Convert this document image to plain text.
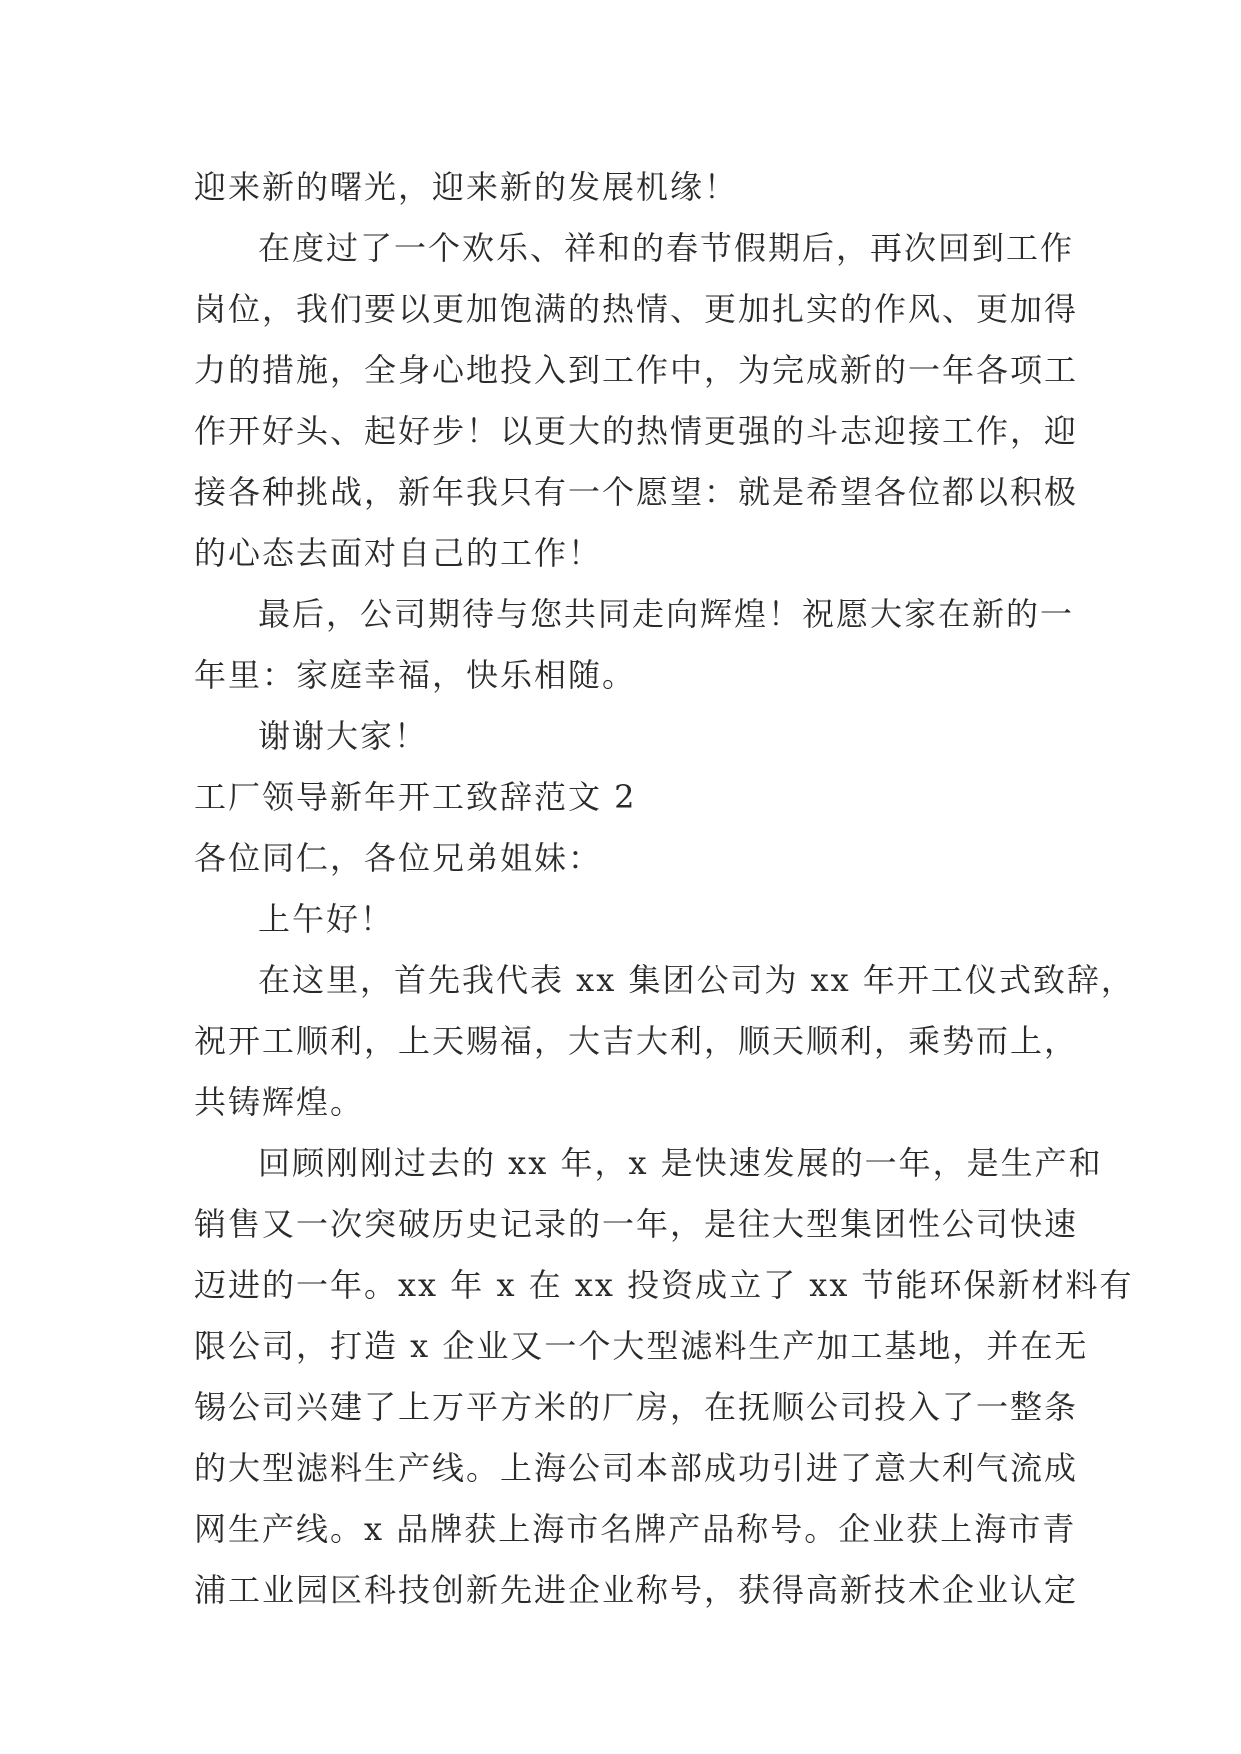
迎来新的曙光，迎来新的发展机缘！
在度过了一个欢乐、祥和的春节假期后，再次回到工作
岗位，我们要以更加饱满的热情、更加扎实的作风、更加得
力的措施，全身心地投入到工作中，为完成新的一年各项工
作开好头、起好步！以更大的热情更强的斗志迎接工作，迎
接各种挑战，新年我只有一个愿望：就是希望各位都以积极
的心态去面对自己的工作！
最后，公司期待与您共同走向辉煌！祝愿大家在新的一
年里：家庭幸福，快乐相随。
谢谢大家！
工厂领导新年开工致辞范文 2
各位同仁，各位兄弟姐妹：
上午好！
在这里，首先我代表 xx 集团公司为 xx 年开工仪式致辞，
祝开工顺利，上天赐福，大吉大利，顺天顺利，乘势而上，
共铸辉煌。
回顾刚刚过去的 xx 年，x 是快速发展的一年，是生产和
销售又一次突破历史记录的一年，是往大型集团性公司快速
迈进的一年。xx 年 x 在 xx 投资成立了 xx 节能环保新材料有
限公司，打造 x 企业又一个大型滤料生产加工基地，并在无
锡公司兴建了上万平方米的厂房，在抚顺公司投入了一整条
的大型滤料生产线。上海公司本部成功引进了意大利气流成
网生产线。x 品牌获上海市名牌产品称号。企业获上海市青
浦工业园区科技创新先进企业称号，获得高新技术企业认定
